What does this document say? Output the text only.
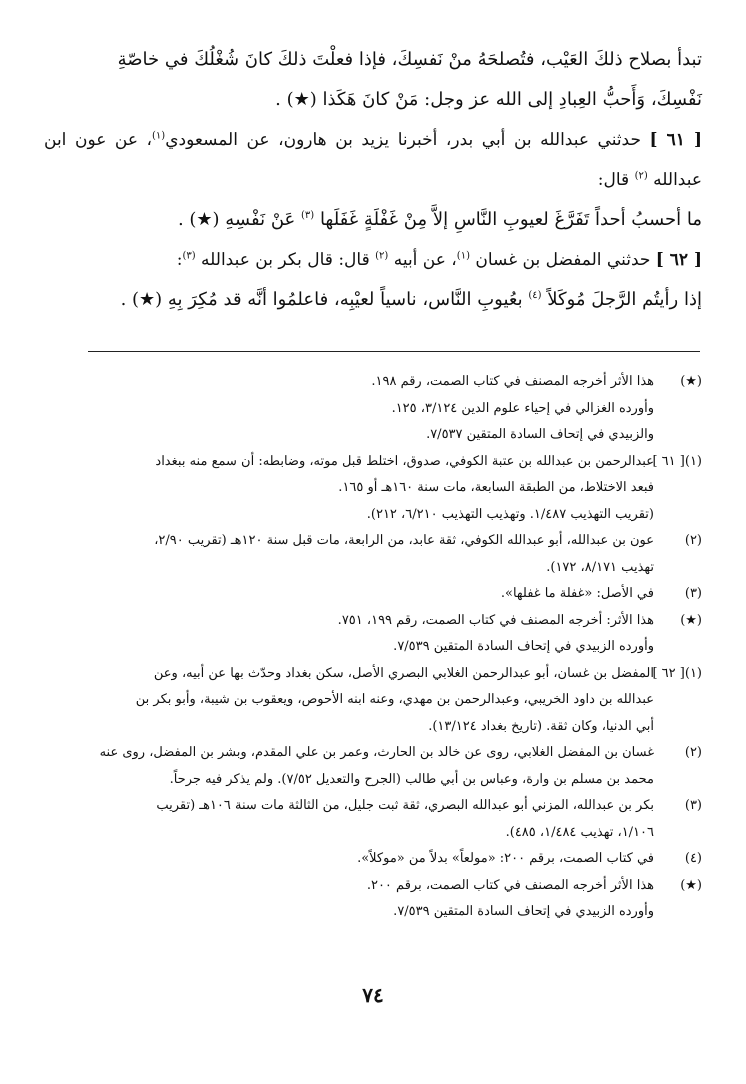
تبدأ بصلاح ذلكَ العَيْب، فتُصلحَهُ منْ نَفسِكَ، فإذا فعلْتَ ذلكَ كانَ شُغْلُكَ في خاصّةِ

نَفْسِكَ، وَأَحبُّ العِبادِ إلى الله عز وجل: مَنْ كانَ هَكَذا (★) .

[ ٦١ ] حدثني عبدالله بن أبي بدر، أخبرنا يزيد بن هارون، عن المسعودي$^{(١)}$، عن عون ابن عبدالله $^{(٢)}$ قال:

ما أحسبُ أحداً تَفَرَّغَ لعيوبِ النَّاسِ إلاَّ مِنْ غَفْلَةٍ غَفَلَها $^{(٣)}$ عَنْ نَفْسِهِ (★) .

[ ٦٢ ] حدثني المفضل بن غسان $^{(١)}$، عن أبيه $^{(٢)}$ قال: قال بكر بن عبدالله $^{(٣)}$:

إذا رأيتُم الرَّجلَ مُوكَلاً $^{(٤)}$ بعُيوبِ النَّاس، ناسياً لعيْبِه، فاعلمُوا أنَّه قد مُكِرَ بِهِ (★) .

(★)
هذا الأثر أخرجه المصنف في كتاب الصمت، رقم ١٩٨.
وأورده الغزالي في إحياء علوم الدين ٣/١٢٤، ١٢٥.
والزبيدي في إتحاف السادة المتقين ٧/٥٣٧.
(١)[ ٦١ ]
عبدالرحمن بن عبدالله بن عتبة الكوفي، صدوق، اختلط قبل موته، وضابطه: أن سمع منه ببغداد
فبعد الاختلاط، من الطبقة السابعة، مات سنة ١٦٠هـ أو ١٦٥.
(تقريب التهذيب ١/٤٨٧. وتهذيب التهذيب ٦/٢١٠، ٢١٢).
(٢)
عون بن عبدالله، أبو عبدالله الكوفي، ثقة عابد، من الرابعة، مات قبل سنة ١٢٠هـ (تقريب ٢/٩٠،
تهذيب ٨/١٧١، ١٧٢).
(٣)
في الأصل: «غفلة ما غفلها».
(★)
هذا الأثر: أخرجه المصنف في كتاب الصمت، رقم ١٩٩، ٧٥١.
وأورده الزبيدي في إتحاف السادة المتقين ٧/٥٣٩.
(١)[ ٦٢ ]
المفضل بن غسان، أبو عبدالرحمن الغلابي البصري الأصل، سكن بغداد وحدّث بها عن أبيه، وعن
عبدالله بن داود الخريبي، وعبدالرحمن بن مهدي، وعنه ابنه الأحوص، ويعقوب بن شيبة، وأبو بكر بن
أبي الدنيا، وكان ثقة. (تاريخ بغداد ١٣/١٢٤).
(٢)
غسان بن المفضل الغلابي، روى عن خالد بن الحارث، وعمر بن علي المقدم، وبشر بن المفضل، روى عنه
محمد بن مسلم بن وارة، وعباس بن أبي طالب (الجرح والتعديل ٧/٥٢). ولم يذكر فيه جرحاً.
(٣)
بكر بن عبدالله، المزني أبو عبدالله البصري، ثقة ثبت جليل، من الثالثة مات سنة ١٠٦هـ (تقريب
١/١٠٦، تهذيب ١/٤٨٤، ٤٨٥).
(٤)
في كتاب الصمت، برقم ٢٠٠: «مولعاً» بدلاً من «موكلاً».
(★)
هذا الأثر أخرجه المصنف في كتاب الصمت، برقم ٢٠٠.
وأورده الزبيدي في إتحاف السادة المتقين ٧/٥٣٩.
٧٤
